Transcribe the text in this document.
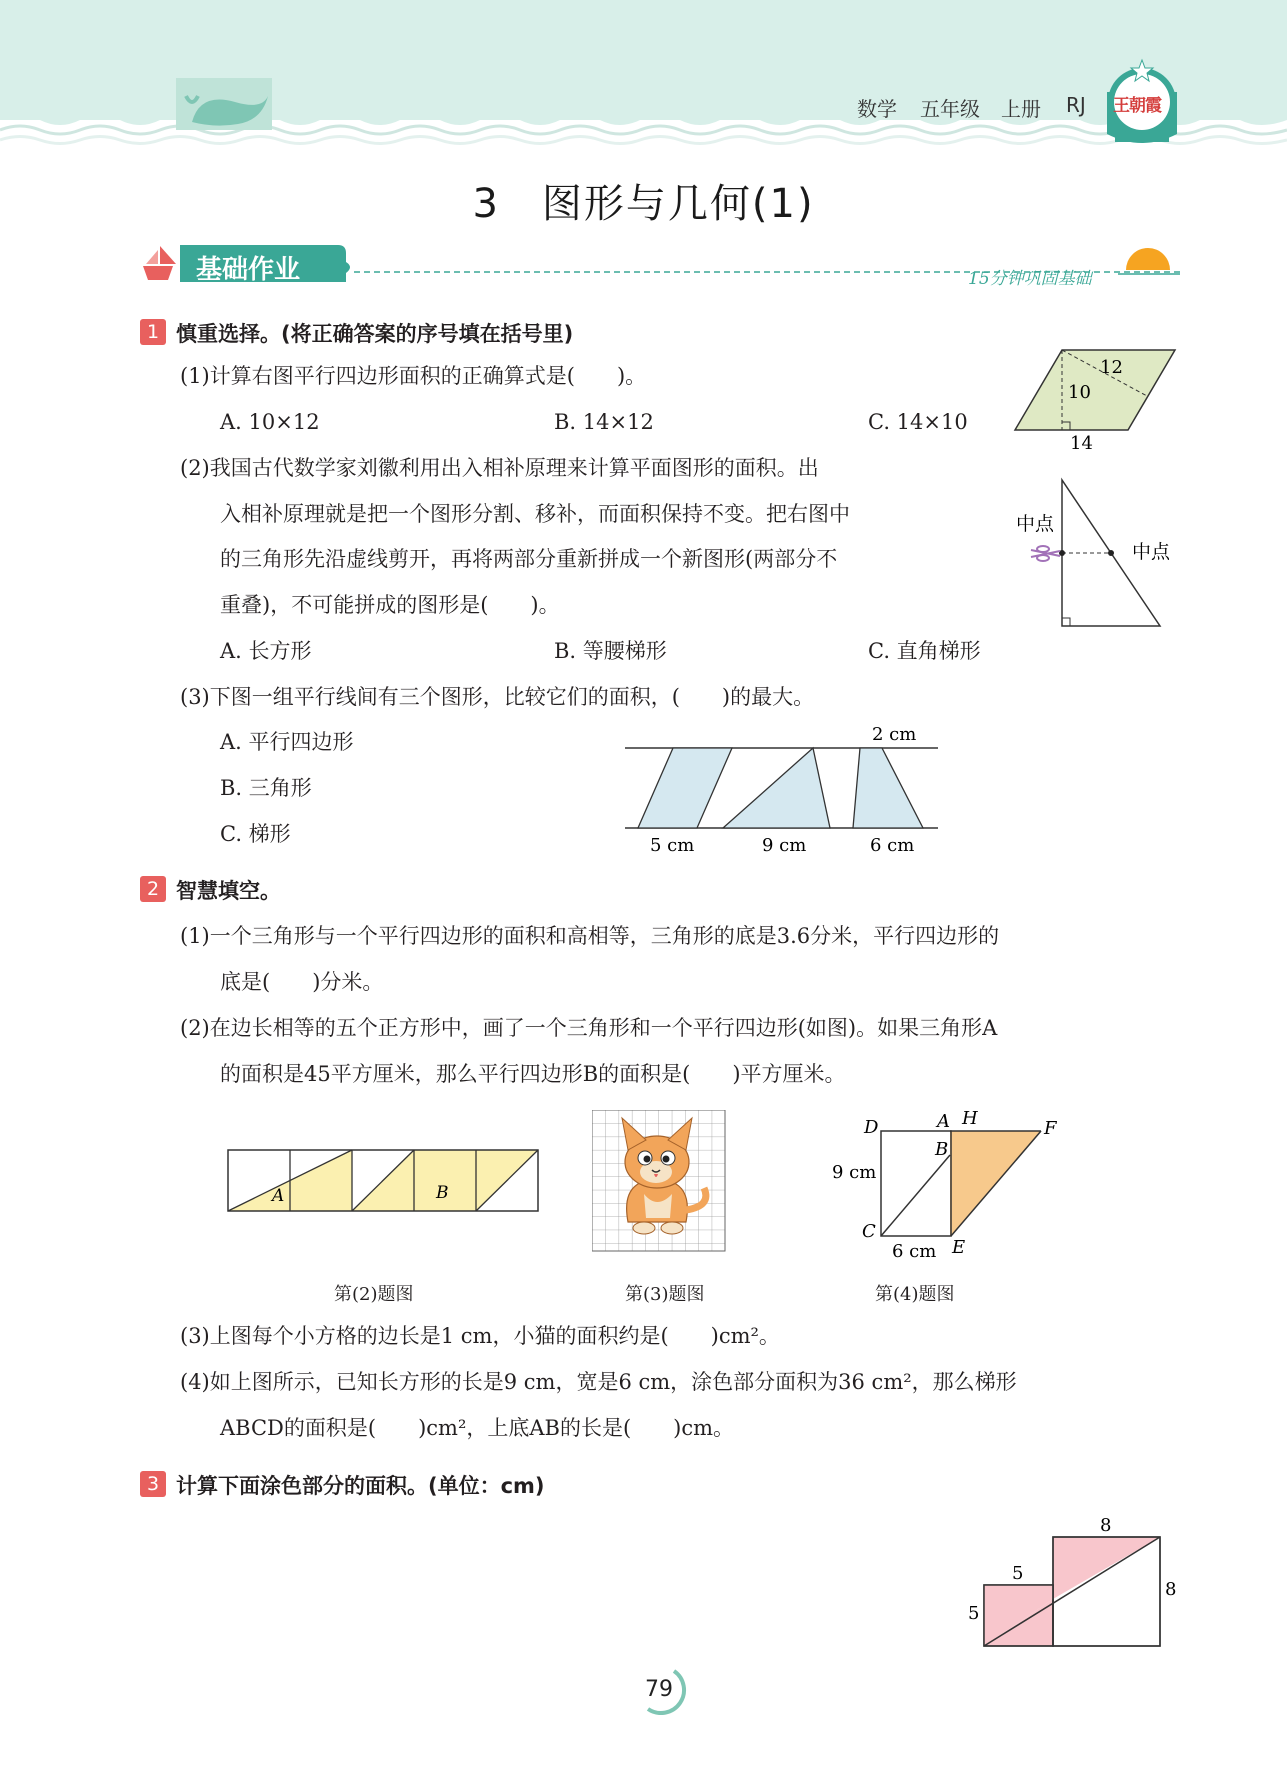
数学 五年级 上册 RJ 王朝霞
3　图形与几何(1)
基础作业	15分钟巩固基础
1 慎重选择。(将正确答案的序号填在括号里)
(1)计算右图平行四边形面积的正确算式是(　　)。
A. 10×12	B. 14×12	C. 14×10
12
10
14
(2)我国古代数学家刘徽利用出入相补原理来计算平面图形的面积。出
入相补原理就是把一个图形分割、移补，而面积保持不变。把右图中
的三角形先沿虚线剪开，再将两部分重新拼成一个新图形(两部分不
重叠)，不可能拼成的图形是(　　)。
A. 长方形	B. 等腰梯形	C. 直角梯形
中点
中点
(3)下图一组平行线间有三个图形，比较它们的面积，(　　)的最大。
A. 平行四边形
B. 三角形
C. 梯形
2 cm
5 cm	9 cm	6 cm
2 智慧填空。
(1)一个三角形与一个平行四边形的面积和高相等，三角形的底是3.6分米，平行四边形的
底是(　　)分米。
(2)在边长相等的五个正方形中，画了一个三角形和一个平行四边形(如图)。如果三角形A
的面积是45平方厘米，那么平行四边形B的面积是(　　)平方厘米。
A	B
D	A H
B
F
9 cm
C
6 cm E
第(2)题图	第(3)题图	第(4)题图
(3)上图每个小方格的边长是1 cm，小猫的面积约是(　　)cm²。
(4)如上图所示，已知长方形的长是9 cm，宽是6 cm，涂色部分面积为36 cm²，那么梯形
ABCD的面积是(　　)cm²，上底AB的长是(　　)cm。
3 计算下面涂色部分的面积。(单位：cm)
8
5
8
5
79
